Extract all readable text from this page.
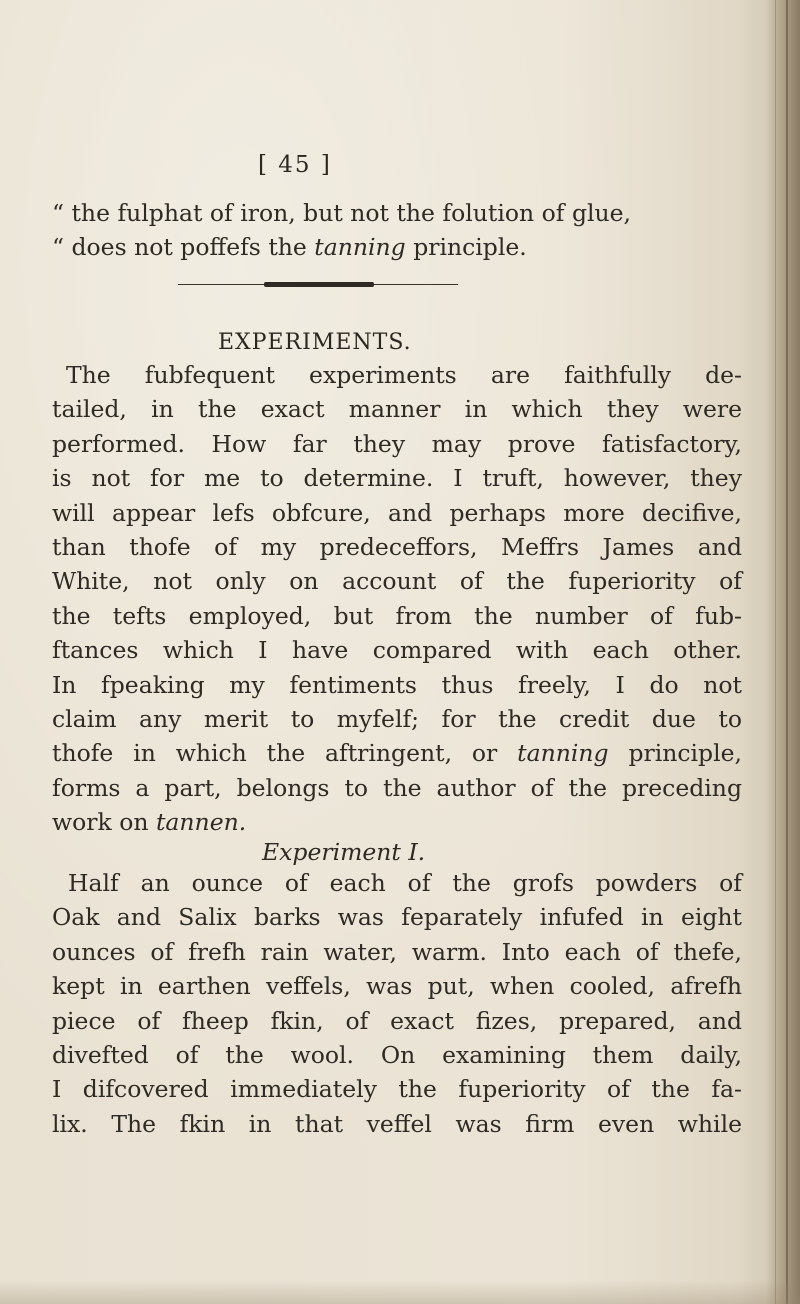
[ 45 ]
“ the fulphat of iron, but not the folution of glue,
“ does not poffefs the tanning principle.
EXPERIMENTS.
The fubfequent experiments are faithfully de-
tailed, in the exact manner in which they were
performed. How far they may prove fatisfactory,
is not for me to determine. I truft, however, they
will appear lefs obfcure, and perhaps more decifive,
than thofe of my predeceffors, Meffrs James and
White, not only on account of the fuperiority of
the tefts employed, but from the number of fub-
ftances which I have compared with each other.
In fpeaking my fentiments thus freely, I do not
claim any merit to myfelf; for the credit due to
thofe in which the aftringent, or tanning principle,
forms a part, belongs to the author of the preceding
work on tannen.
Experiment I.
Half an ounce of each of the grofs powders of
Oak and Salix barks was feparately infufed in eight
ounces of frefh rain water, warm. Into each of thefe,
kept in earthen veffels, was put, when cooled, afrefh
piece of fheep fkin, of exact fizes, prepared, and
divefted of the wool. On examining them daily,
I difcovered immediately the fuperiority of the fa-
lix. The fkin in that veffel was firm even while
